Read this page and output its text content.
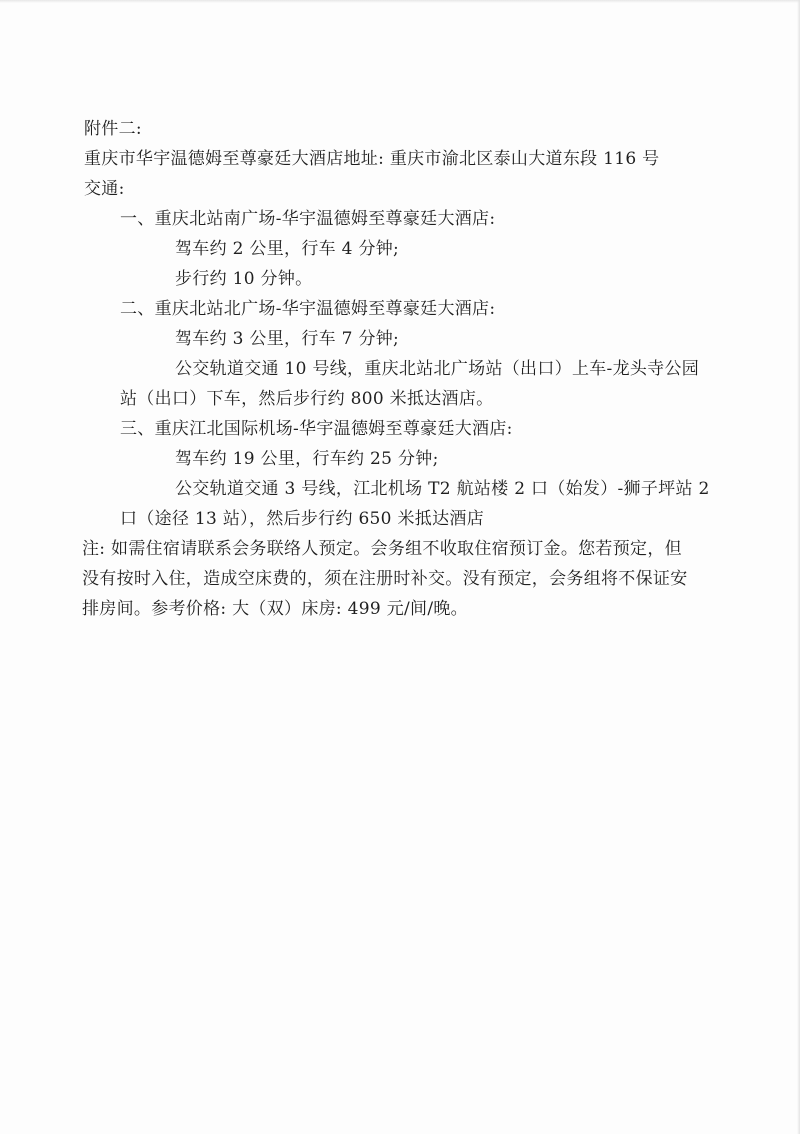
附件二:
重庆市华宇温德姆至尊豪廷大酒店地址: 重庆市渝北区泰山大道东段 116 号
交通:
一、重庆北站南广场-华宇温德姆至尊豪廷大酒店:
驾车约 2 公里，行车 4 分钟;
步行约 10 分钟。
二、重庆北站北广场-华宇温德姆至尊豪廷大酒店:
驾车约 3 公里，行车 7 分钟;
公交轨道交通 10 号线，重庆北站北广场站（出口）上车-龙头寺公园
站（出口）下车，然后步行约 800 米抵达酒店。
三、重庆江北国际机场-华宇温德姆至尊豪廷大酒店:
驾车约 19 公里，行车约 25 分钟;
公交轨道交通 3 号线，江北机场 T2 航站楼 2 口（始发）-狮子坪站 2
口（途径 13 站），然后步行约 650 米抵达酒店
注: 如需住宿请联系会务联络人预定。会务组不收取住宿预订金。您若预定，但
没有按时入住，造成空床费的，须在注册时补交。没有预定，会务组将不保证安
排房间。参考价格: 大（双）床房: 499 元/间/晚。
